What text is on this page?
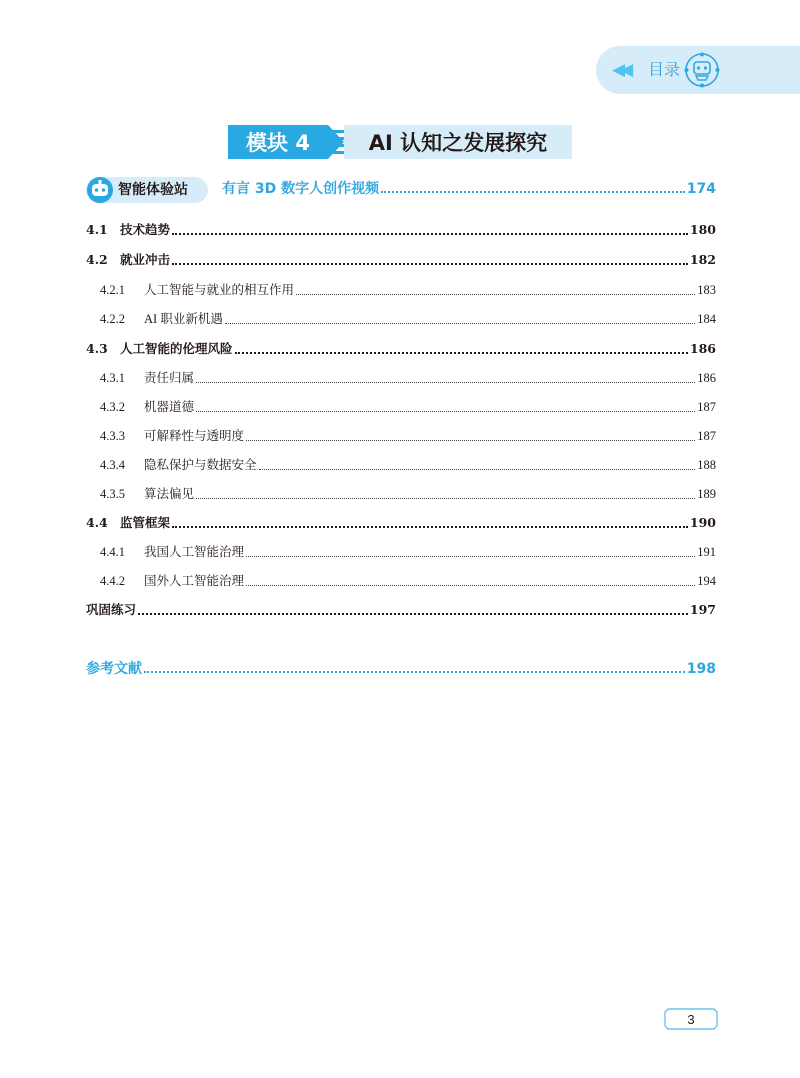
◀◀ 目录
模块 4	AI 认知之发展探究
智能体验站 有言 3D 数字人创作视频	174
4.1 技术趋势	180
4.2 就业冲击	182
4.2.1 人工智能与就业的相互作用	183
4.2.2 AI 职业新机遇	184
4.3 人工智能的伦理风险	186
4.3.1 责任归属	186
4.3.2 机器道德	187
4.3.3 可解释性与透明度	187
4.3.4 隐私保护与数据安全	188
4.3.5 算法偏见	189
4.4 监管框架	190
4.4.1 我国人工智能治理	191
4.4.2 国外人工智能治理	194
巩固练习	197
参考文献	198
3
